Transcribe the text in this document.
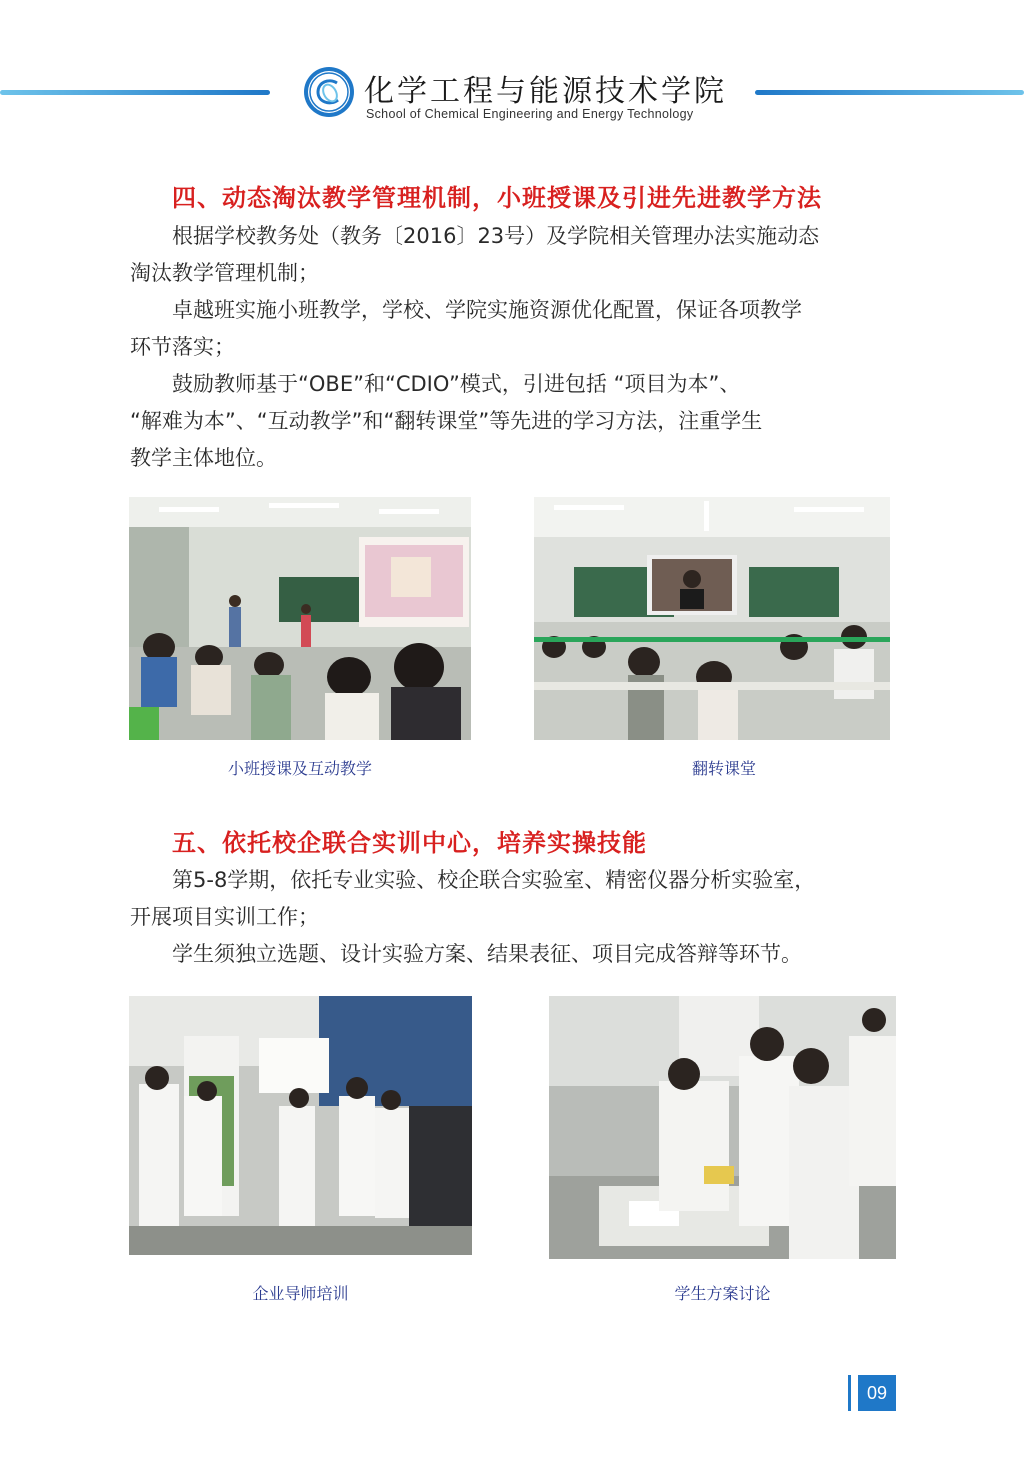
化学工程与能源技术学院
School of Chemical Engineering and Energy Technology
四、动态淘汰教学管理机制，小班授课及引进先进教学方法

根据学校教务处（教务〔2016〕23号）及学院相关管理办法实施动态
淘汰教学管理机制；

卓越班实施小班教学，学校、学院实施资源优化配置，保证各项教学
环节落实；

鼓励教师基于“OBE”和“CDIO”模式，引进包括 “项目为本”、
“解难为本”、“互动教学”和“翻转课堂”等先进的学习方法，注重学生
教学主体地位。

小班授课及互动教学	翻转课堂
五、依托校企联合实训中心，培养实操技能

第5-8学期，依托专业实验、校企联合实验室、精密仪器分析实验室，
开展项目实训工作；

学生须独立选题、设计实验方案、结果表征、项目完成答辩等环节。

企业导师培训	学生方案讨论
09
